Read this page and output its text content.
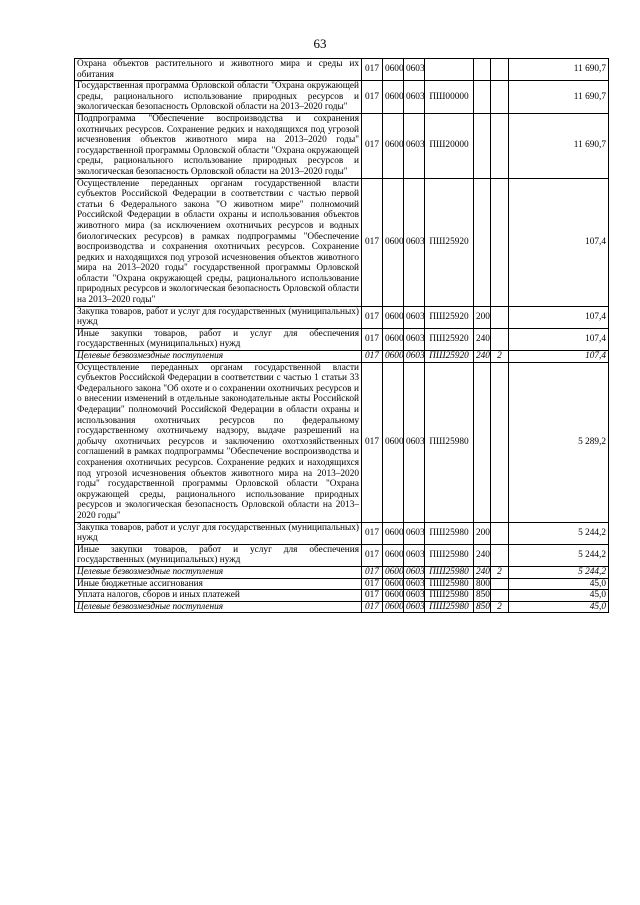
63
Охрана объектов растительного и животного мира и среды их обитания	017	0600	0603				11 690,7
Государственная программа Орловской области "Охрана окружающей среды, рационального использование природных ресурсов и экологическая безопасность Орловской области на 2013–2020 годы"	017	0600	0603	ПШ00000			11 690,7
Подпрограмма "Обеспечение воспроизводства и сохранения охотничьих ресурсов. Сохранение редких и находящихся под угрозой исчезновения объектов животного мира на 2013–2020 годы" государственной программы Орловской области "Охрана окружающей среды, рационального использование природных ресурсов и экологическая безопасность Орловской области на 2013–2020 годы"	017	0600	0603	ПШ20000			11 690,7
Осуществление переданных органам государственной власти субъектов Российской Федерации в соответствии с частью первой статьи 6 Федерального закона "О животном мире" полномочий Российской Федерации в области охраны и использования объектов животного мира (за исключением охотничьих ресурсов и водных биологических ресурсов) в рамках подпрограммы "Обеспечение воспроизводства и сохранения охотничьих ресурсов. Сохранение редких и находящихся под угрозой исчезновения объектов животного мира на 2013–2020 годы" государственной программы Орловской области "Охрана окружающей среды, рационального использование природных ресурсов и экологическая безопасность Орловской области на 2013–2020 годы"	017	0600	0603	ПШ25920			107,4
Закупка товаров, работ и услуг для государственных (муниципальных) нужд	017	0600	0603	ПШ25920	200		107,4
Иные закупки товаров, работ и услуг для обеспечения государственных (муниципальных) нужд	017	0600	0603	ПШ25920	240		107,4
Целевые безвозмездные поступления	017	0600	0603	ПШ25920	240	2	107,4
Осуществление переданных органам государственной власти субъектов Российской Федерации в соответствии с частью 1 статьи 33 Федерального закона "Об охоте и о сохранении охотничьих ресурсов и о внесении изменений в отдельные законодательные акты Российской Федерации" полномочий Российской Федерации в области охраны и использования охотничьих ресурсов по федеральному государственному охотничьему надзору, выдаче разрешений на добычу охотничьих ресурсов и заключению охотхозяйственных соглашений в рамках подпрограммы "Обеспечение воспроизводства и сохранения охотничьих ресурсов. Сохранение редких и находящихся под угрозой исчезновения объектов животного мира на 2013–2020 годы" государственной программы Орловской области "Охрана окружающей среды, рационального использование природных ресурсов и экологическая безопасность Орловской области на 2013–2020 годы"	017	0600	0603	ПШ25980			5 289,2
Закупка товаров, работ и услуг для государственных (муниципальных) нужд	017	0600	0603	ПШ25980	200		5 244,2
Иные закупки товаров, работ и услуг для обеспечения государственных (муниципальных) нужд	017	0600	0603	ПШ25980	240		5 244,2
Целевые безвозмездные поступления	017	0600	0603	ПШ25980	240	2	5 244,2
Иные бюджетные ассигнования	017	0600	0603	ПШ25980	800		45,0
Уплата налогов, сборов и иных платежей	017	0600	0603	ПШ25980	850		45,0
Целевые безвозмездные поступления	017	0600	0603	ПШ25980	850	2	45,0
